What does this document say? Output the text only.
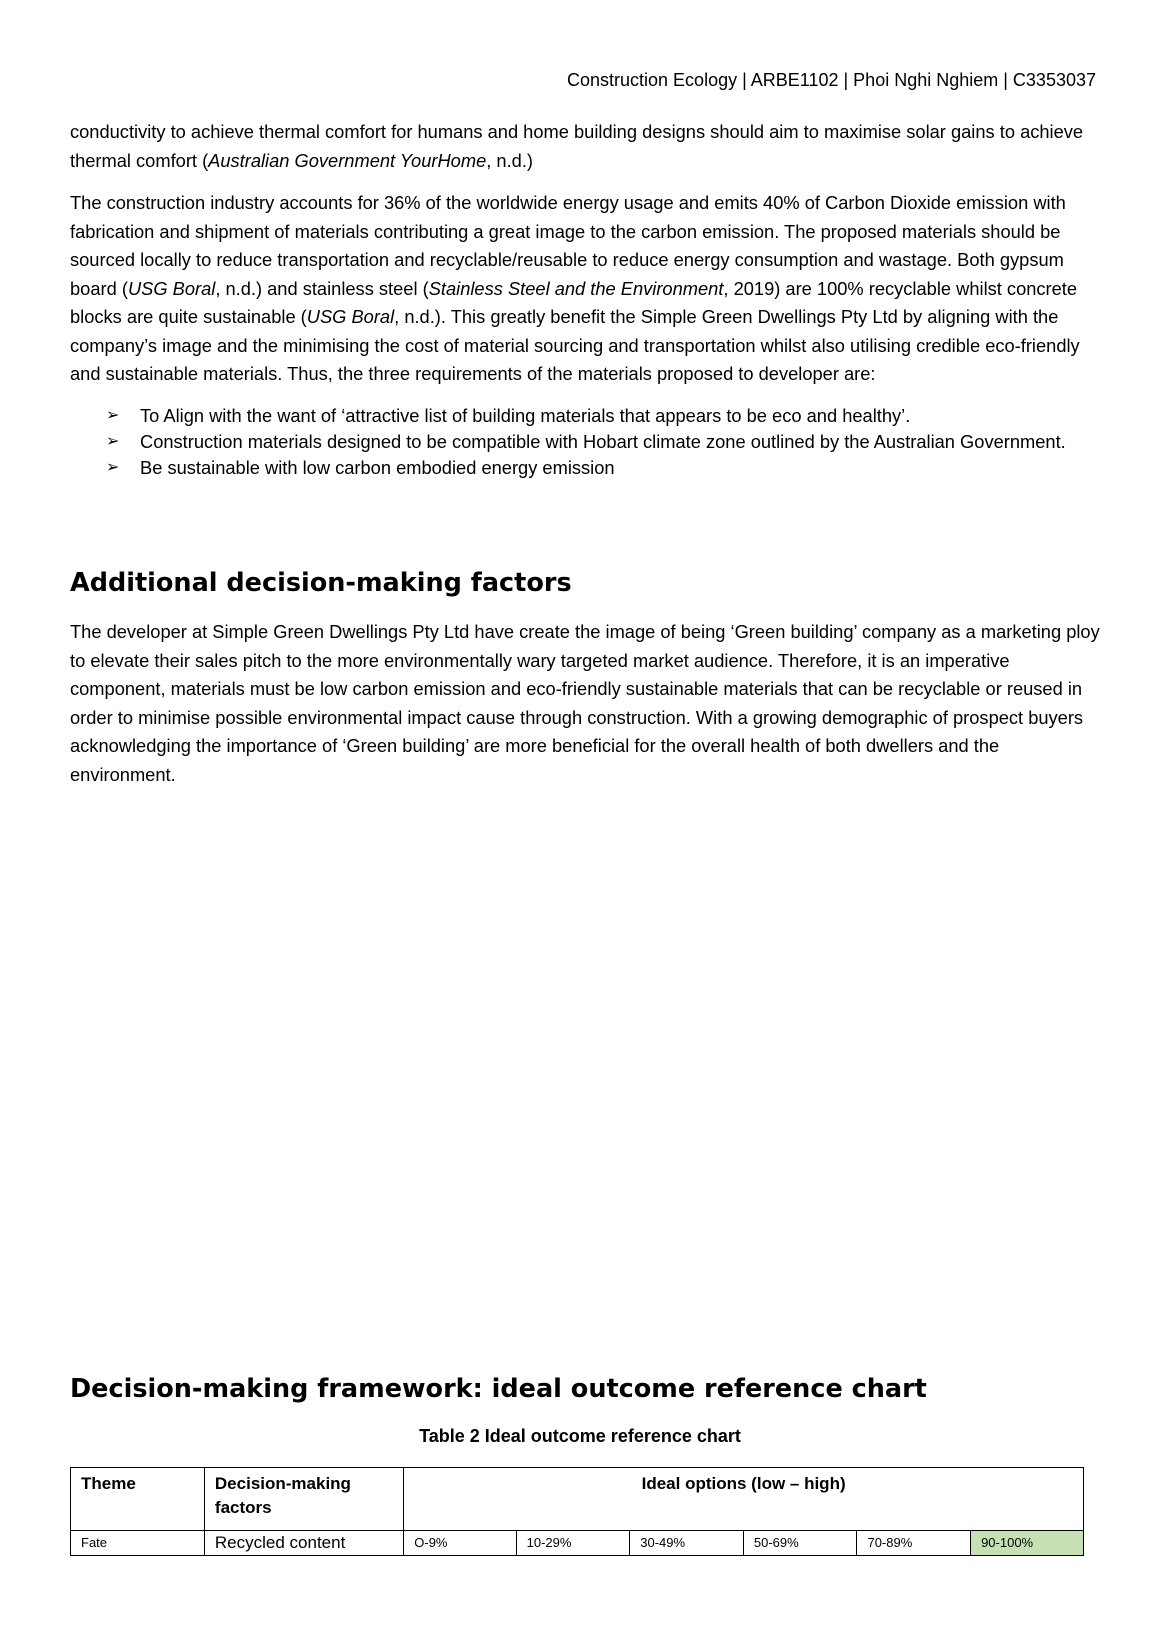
Construction Ecology | ARBE1102 | Phoi Nghi Nghiem | C3353037

conductivity to achieve thermal comfort for humans and home building designs should aim to maximise solar gains to achieve thermal comfort (Australian Government YourHome, n.d.)

The construction industry accounts for 36% of the worldwide energy usage and emits 40% of Carbon Dioxide emission with fabrication and shipment of materials contributing a great image to the carbon emission. The proposed materials should be sourced locally to reduce transportation and recyclable/reusable to reduce energy consumption and wastage. Both gypsum board (USG Boral, n.d.) and stainless steel (Stainless Steel and the Environment, 2019) are 100% recyclable whilst concrete blocks are quite sustainable (USG Boral, n.d.). This greatly benefit the Simple Green Dwellings Pty Ltd by aligning with the company’s image and the minimising the cost of material sourcing and transportation whilst also utilising credible eco-friendly and sustainable materials. Thus, the three requirements of the materials proposed to developer are:

➢ To Align with the want of ‘attractive list of building materials that appears to be eco and healthy’.
➢ Construction materials designed to be compatible with Hobart climate zone outlined by the Australian Government.
➢ Be sustainable with low carbon embodied energy emission
Additional decision-making factors

The developer at Simple Green Dwellings Pty Ltd have create the image of being ‘Green building’ company as a marketing ploy to elevate their sales pitch to the more environmentally wary targeted market audience. Therefore, it is an imperative component, materials must be low carbon emission and eco-friendly sustainable materials that can be recyclable or reused in order to minimise possible environmental impact cause through construction. With a growing demographic of prospect buyers acknowledging the importance of ‘Green building’ are more beneficial for the overall health of both dwellers and the environment.

Decision-making framework: ideal outcome reference chart
Table 2 Ideal outcome reference chart
Theme	Decision-making factors	Ideal options (low – high)					
Fate	Recycled content	O-9%	10-29%	30-49%	50-69%	70-89%	90-100%
